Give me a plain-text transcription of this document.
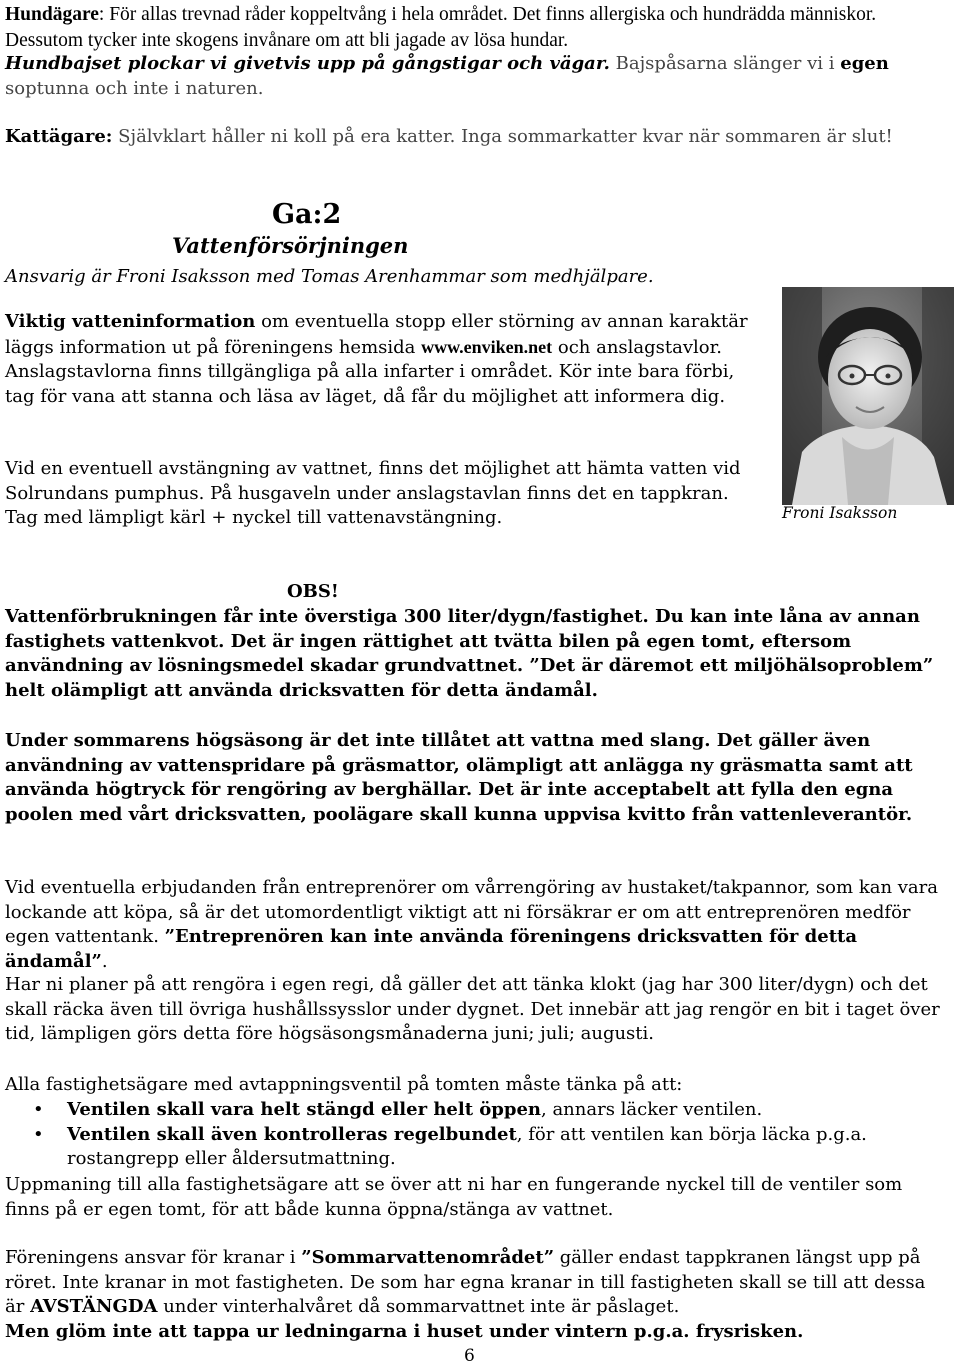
Hundägare: För allas trevnad råder koppeltvång i hela området. Det finns allergiska och hundrädda människor. Dessutom tycker inte skogens invånare om att bli jagade av lösa hundar.

Hundbajset plockar vi givetvis upp på gångstigar och vägar. Bajspåsarna slänger vi i egen soptunna och inte i naturen.

Kattägare: Självklart håller ni koll på era katter. Inga sommarkatter kvar när sommaren är slut!

Ga:2
Vattenförsörjningen
Ansvarig är Froni Isaksson med Tomas Arenhammar som medhjälpare.

Viktig vatteninformation om eventuella stopp eller störning av annan karaktär läggs information ut på föreningens hemsida www.enviken.net och anslagstavlor. Anslagstavlorna finns tillgängliga på alla infarter i området. Kör inte bara förbi, tag för vana att stanna och läsa av läget, då får du möjlighet att informera dig.

Vid en eventuell avstängning av vattnet, finns det möjlighet att hämta vatten vid Solrundans pumphus. På husgaveln under anslagstavlan finns det en tappkran. Tag med lämpligt kärl + nyckel till vattenavstängning.	Froni Isaksson
OBS!

Vattenförbrukningen får inte överstiga 300 liter/dygn/fastighet. Du kan inte låna av annan fastighets vattenkvot. Det är ingen rättighet att tvätta bilen på egen tomt, eftersom användning av lösningsmedel skadar grundvattnet. ”Det är däremot ett miljöhälsoproblem” helt olämpligt att använda dricksvatten för detta ändamål.

Under sommarens högsäsong är det inte tillåtet att vattna med slang. Det gäller även användning av vattenspridare på gräsmattor, olämpligt att anlägga ny gräsmatta samt att använda högtryck för rengöring av berghällar. Det är inte acceptabelt att fylla den egna poolen med vårt dricksvatten, poolägare skall kunna uppvisa kvitto från vattenleverantör.

Vid eventuella erbjudanden från entreprenörer om vårrengöring av hustaket/takpannor, som kan vara lockande att köpa, så är det utomordentligt viktigt att ni försäkrar er om att entreprenören medför egen vattentank. ”Entreprenören kan inte använda föreningens dricksvatten för detta ändamål”.

Har ni planer på att rengöra i egen regi, då gäller det att tänka klokt (jag har 300 liter/dygn) och det skall räcka även till övriga hushållssysslor under dygnet. Det innebär att jag rengör en bit i taget över tid, lämpligen görs detta före högsäsongsmånaderna juni; juli; augusti.

Alla fastighetsägare med avtappningsventil på tomten måste tänka på att:

• Ventilen skall vara helt stängd eller helt öppen, annars läcker ventilen.
• Ventilen skall även kontrolleras regelbundet, för att ventilen kan börja läcka p.g.a. rostangrepp eller åldersutmattning.

Uppmaning till alla fastighetsägare att se över att ni har en fungerande nyckel till de ventiler som finns på er egen tomt, för att både kunna öppna/stänga av vattnet.

Föreningens ansvar för kranar i ”Sommarvattenområdet” gäller endast tappkranen längst upp på röret. Inte kranar in mot fastigheten. De som har egna kranar in till fastigheten skall se till att dessa är AVSTÄNGDA under vinterhalvåret då sommarvattnet inte är påslaget.

Men glöm inte att tappa ur ledningarna i huset under vintern p.g.a. frysrisken.

6
